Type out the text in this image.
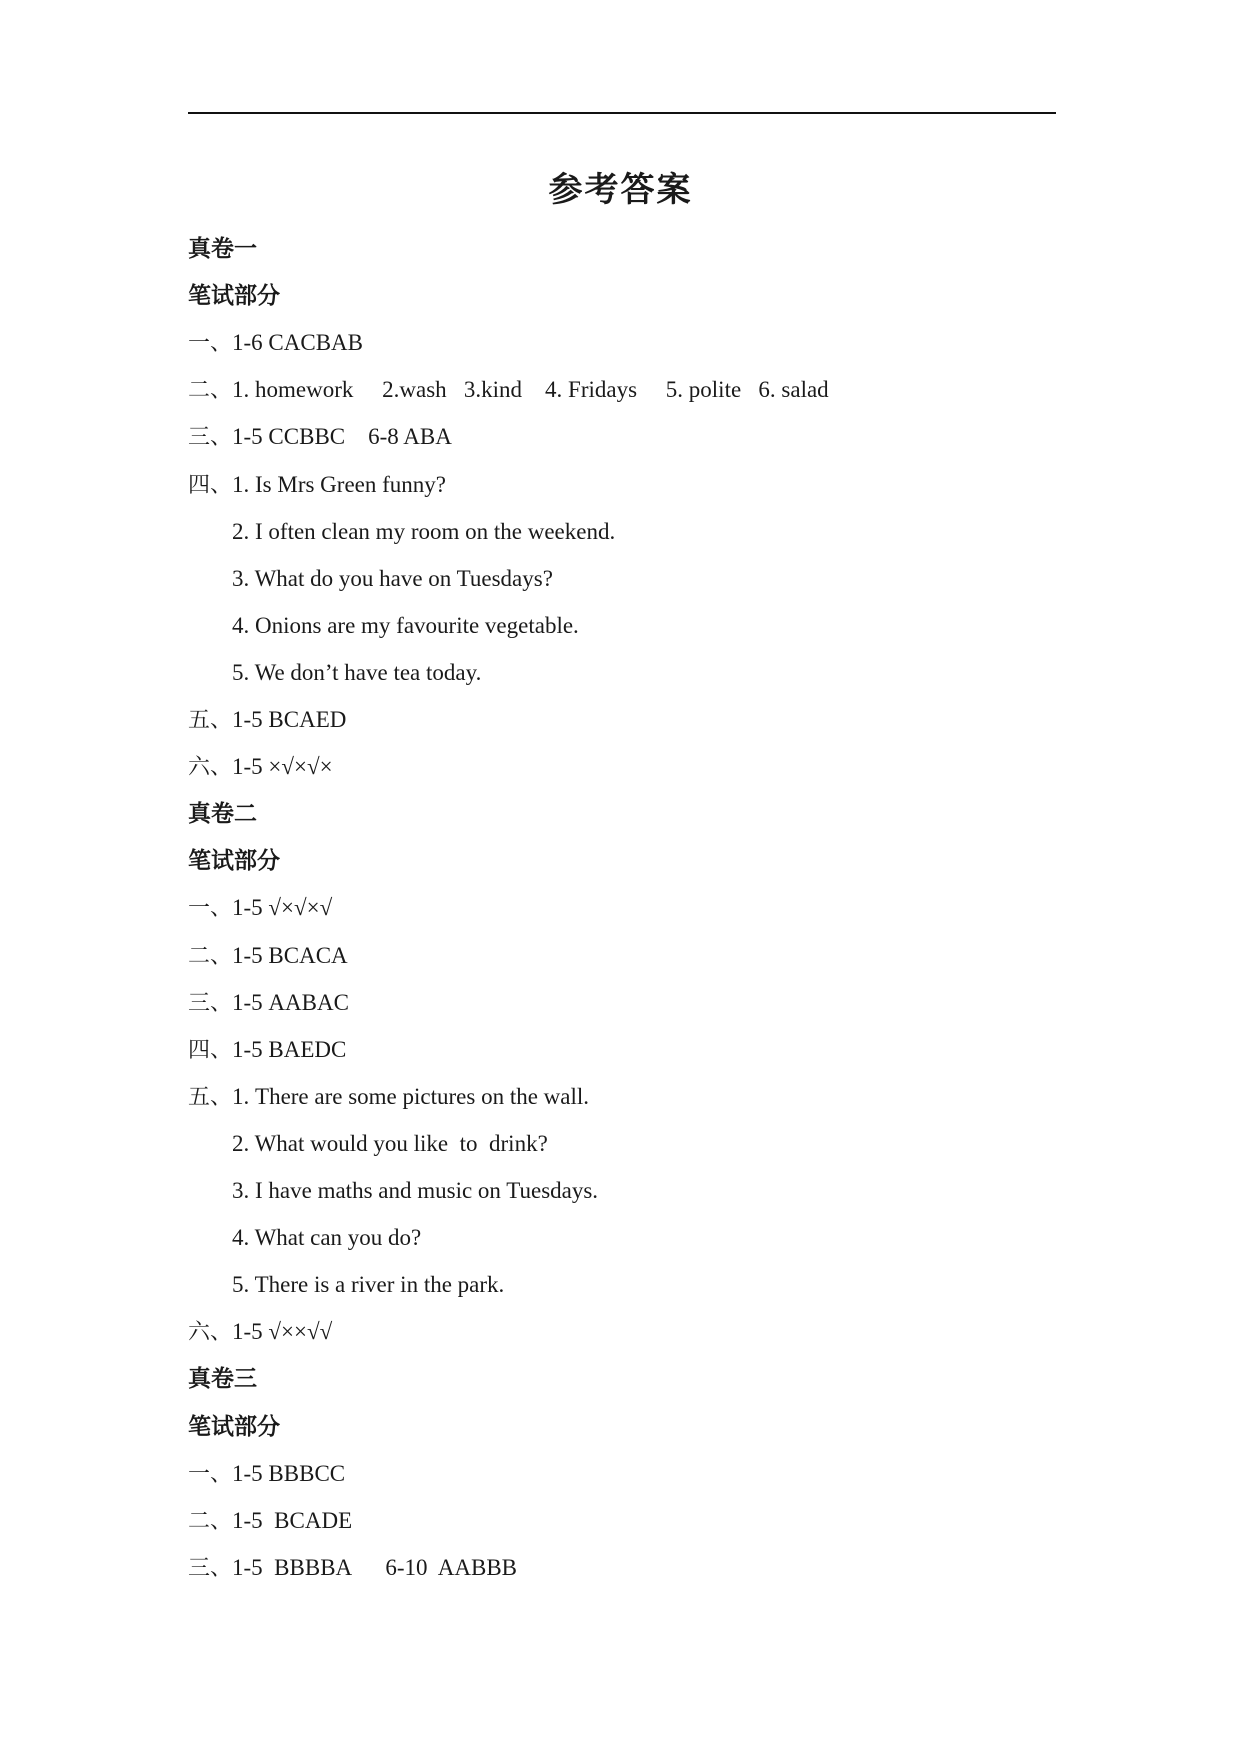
参考答案
真卷一
笔试部分
一、1-6 CACBAB
二、1. homework     2.wash   3.kind    4. Fridays     5. polite   6. salad
三、1-5 CCBBC    6-8 ABA
四、1. Is Mrs Green funny?
2. I often clean my room on the weekend.
3. What do you have on Tuesdays?
4. Onions are my favourite vegetable.
5. We don’t have tea today.
五、1-5 BCAED
六、1-5 ×√×√×
真卷二
笔试部分
一、1-5 √×√×√
二、1-5 BCACA
三、1-5 AABAC
四、1-5 BAEDC
五、1. There are some pictures on the wall.
2. What would you like  to  drink?
3. I have maths and music on Tuesdays.
4. What can you do?
5. There is a river in the park.
六、1-5 √××√√
真卷三
笔试部分
一、1-5 BBBCC
二、1-5  BCADE
三、1-5  BBBBA      6-10  AABBB
